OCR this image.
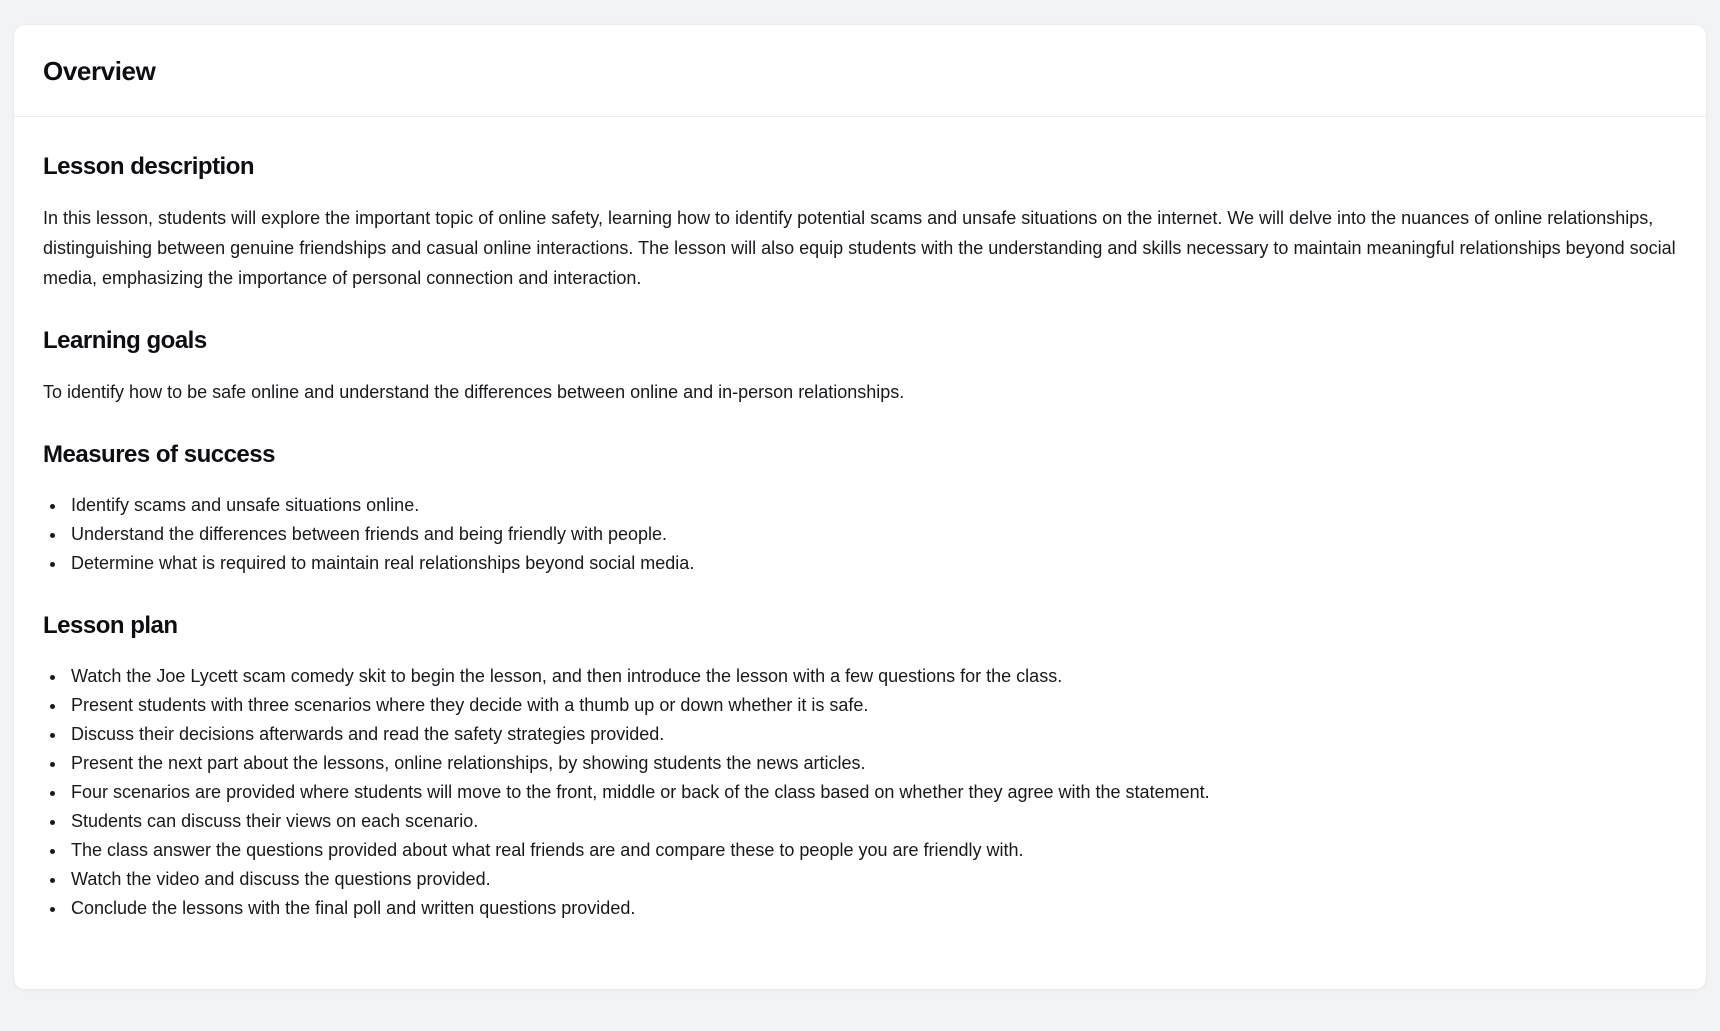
Overview
Lesson description

In this lesson, students will explore the important topic of online safety, learning how to identify potential scams and unsafe situations on the internet. We will delve into the nuances of online relationships, distinguishing between genuine friendships and casual online interactions. The lesson will also equip students with the understanding and skills necessary to maintain meaningful relationships beyond social media, emphasizing the importance of personal connection and interaction.

Learning goals

To identify how to be safe online and understand the differences between online and in-person relationships.

Measures of success
• Identify scams and unsafe situations online.
• Understand the differences between friends and being friendly with people.
• Determine what is required to maintain real relationships beyond social media.
Lesson plan
• Watch the Joe Lycett scam comedy skit to begin the lesson, and then introduce the lesson with a few questions for the class.
• Present students with three scenarios where they decide with a thumb up or down whether it is safe.
• Discuss their decisions afterwards and read the safety strategies provided.
• Present the next part about the lessons, online relationships, by showing students the news articles.
• Four scenarios are provided where students will move to the front, middle or back of the class based on whether they agree with the statement.
• Students can discuss their views on each scenario.
• The class answer the questions provided about what real friends are and compare these to people you are friendly with.
• Watch the video and discuss the questions provided.
• Conclude the lessons with the final poll and written questions provided.
